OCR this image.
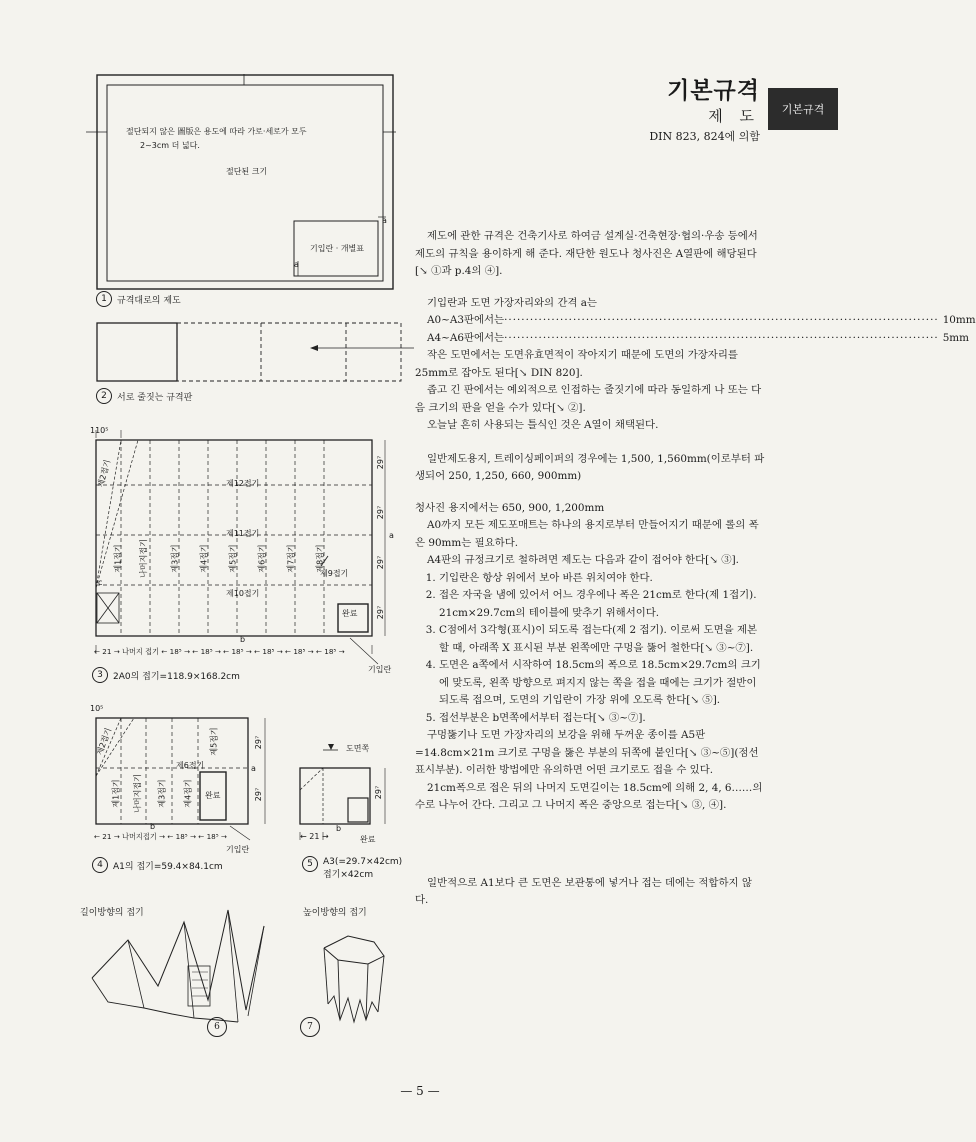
기본규격
제 도
DIN 823, 824에 의함
기본규격
절단되지 않은 圖版은 용도에 따라 가로·세로가 모두
2~3cm 더 넓다.
절단된 크기
기입란 · 개별표
a
a
1	규격대로의 제도
2	서로 줄짓는 규격판
110⁵
제12접기
제11접기
제10접기
제1접기 나머지접기
제2접기
제3접기	제4접기	제5접기	제6접기	제7접기	제8접기
제9접기
29⁷
29⁷
29⁷
29⁷
a
c
완료
b
← 21 → 나머지 접기 ← 18⁵ → ← 18⁵ → ← 18⁵ → ← 18⁵ → ← 18⁵ → ← 18⁵ →
기입란
3	2A0의 접기=118.9×168.2cm
10⁵
제6접기
제1접기 나머지접기
제2접기
제3접기 제4접기
제5접기
완료
29⁷
29⁷
a
b
← 21 → 나머지접기 → ← 18⁵ → ← 18⁵ →
기입란
4	A1의 접기=59.4×84.1cm
도면쪽
29⁷
b
← 21 →	완료
5	A3(=29.7×42cm)
접기×42cm
길이방향의 접기
6
높이방향의 접기
7

제도에 관한 규격은 건축기사로 하여금 설계실·건축현장·협의·우송 등에서 제도의 규칙을 용이하게 해 준다. 재단한 원도나 청사진은 A열판에 해당된다[↘ ①과 p.4의 ④].

기입란과 도면 가장자리와의 간격 a는

A0~A3판에서는 ····································································································· 10mm
A4~A6판에서는 ····································································································· 5mm

작은 도면에서는 도면유효면적이 작아지기 때문에 도면의 가장자리를 25mm로 잡아도 된다[↘ DIN 820].

좁고 긴 판에서는 예외적으로 인접하는 줄짓기에 따라 동일하게 나 또는 다음 크기의 판을 얻을 수가 있다[↘ ②].

오늘날 흔히 사용되는 틀식인 것은 A열이 채택된다.

일반제도용지, 트레이싱페이퍼의 경우에는 1,500, 1,560mm(이로부터 파생되어 250, 1,250, 660, 900mm)

청사진 용지에서는 650, 900, 1,200mm

A0까지 모든 제도포매트는 하나의 용지로부터 만들어지기 때문에 롤의 폭은 90mm는 필요하다.

A4판의 규정크기로 철하려면 제도는 다음과 같이 접어야 한다[↘ ③].

1. 기입란은 항상 위에서 보아 바른 위치여야 한다.
2. 접은 자국을 냄에 있어서 어느 경우에나 폭은 21cm로 한다(제 1접기). 21cm×29.7cm의 테이블에 맞추기 위해서이다.
3. C점에서 3각형(표시)이 되도록 접는다(제 2 접기). 이로써 도면을 제본할 때, 아래쪽 X 표시된 부분 왼쪽에만 구멍을 뚫어 철한다[↘ ③~⑦].
4. 도면은 a쪽에서 시작하여 18.5cm의 폭으로 18.5cm×29.7cm의 크기에 맞도록, 왼쪽 방향으로 펴지지 않는 쪽을 접을 때에는 크기가 절반이 되도록 접으며, 도면의 기입란이 가장 위에 오도록 한다[↘ ⑤].
5. 접선부분은 b면쪽에서부터 접는다[↘ ③~⑦].

구멍뚫기나 도면 가장자리의 보강을 위해 두꺼운 종이를 A5판=14.8cm×21m 크기로 구멍을 뚫은 부분의 뒤쪽에 붙인다[↘ ③~⑤](점선표시부분). 이러한 방법에만 유의하면 어떤 크기로도 접을 수 있다.

21cm폭으로 접은 뒤의 나머지 도면길이는 18.5cm에 의해 2, 4, 6……의 수로 나누어 간다. 그리고 그 나머지 폭은 중앙으로 접는다[↘ ③, ④].

일반적으로 A1보다 큰 도면은 보관통에 넣거나 접는 데에는 적합하지 않다.

— 5 —
